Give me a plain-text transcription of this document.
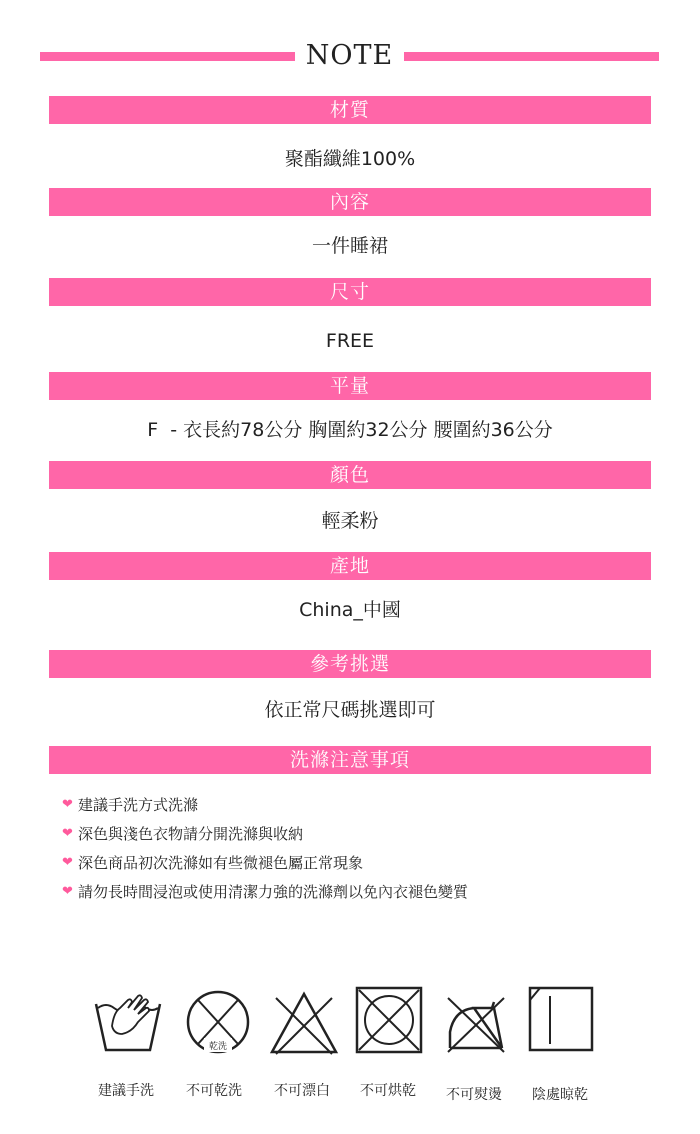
NOTE
材質
聚酯纖維100%
內容
一件睡裙
尺寸
FREE
平量
F  - 衣長約78公分 胸圍約32公分 腰圍約36公分
顏色
輕柔粉
產地
China_中國
參考挑選
依正常尺碼挑選即可
洗滌注意事項
❤ 建議手洗方式洗滌
❤ 深色與淺色衣物請分開洗滌與收納
❤ 深色商品初次洗滌如有些微褪色屬正常現象
❤ 請勿長時間浸泡或使用清潔力強的洗滌劑以免內衣褪色變質
建議手洗
乾洗
不可乾洗 不可漂白 不可烘乾 不可熨燙 陰處晾乾
